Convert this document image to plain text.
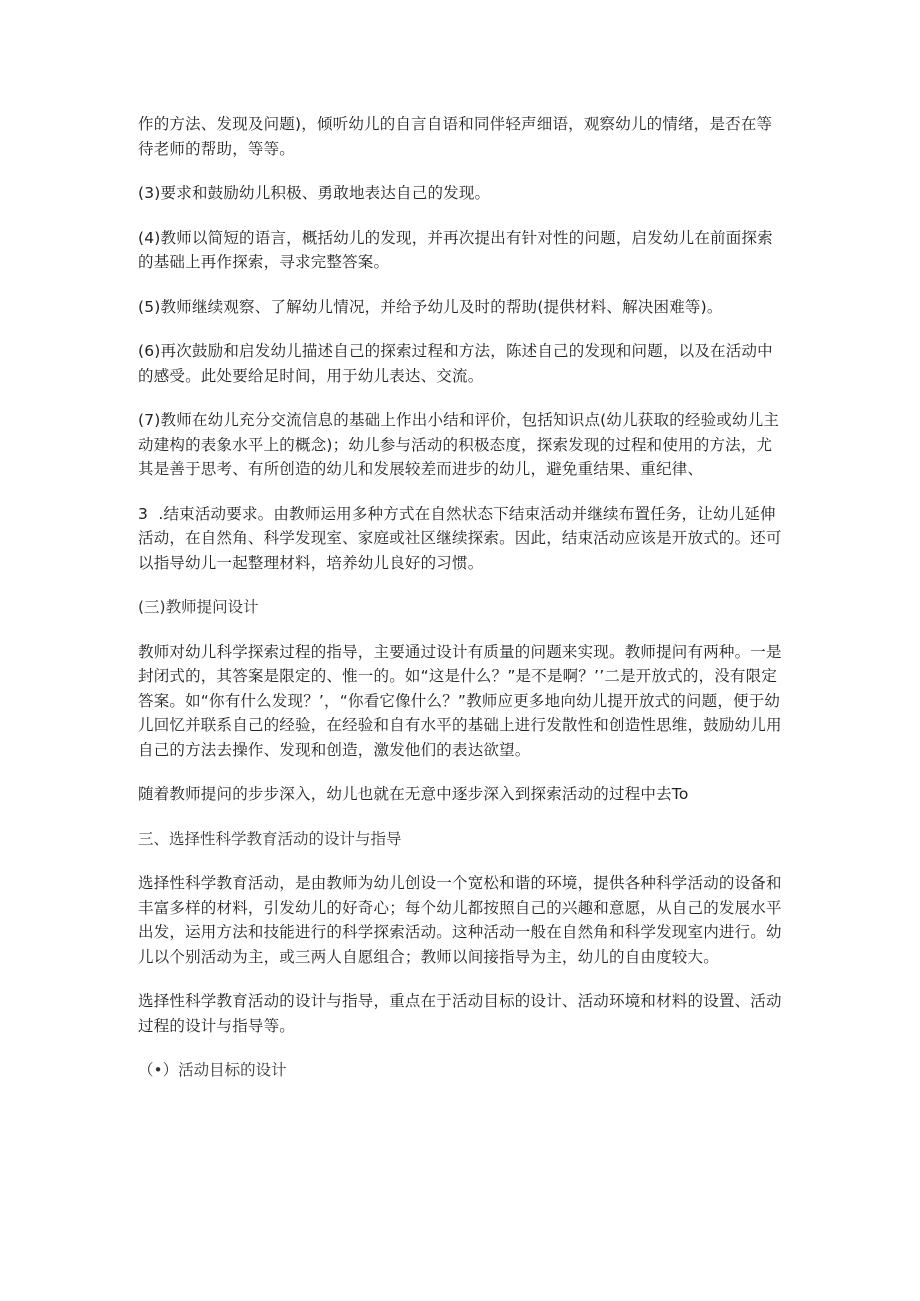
作的方法、发现及问题)，倾听幼儿的自言自语和同伴轻声细语，观察幼儿的情绪，是否在等待老师的帮助，等等。

(3)要求和鼓励幼儿积极、勇敢地表达自己的发现。

(4)教师以简短的语言，概括幼儿的发现，并再次提出有针对性的问题，启发幼儿在前面探索的基础上再作探索，寻求完整答案。

(5)教师继续观察、了解幼儿情况，并给予幼儿及时的帮助(提供材料、解决困难等)。

(6)再次鼓励和启发幼儿描述自己的探索过程和方法，陈述自己的发现和问题，以及在活动中的感受。此处要给足时间，用于幼儿表达、交流。

(7)教师在幼儿充分交流信息的基础上作出小结和评价，包括知识点(幼儿获取的经验或幼儿主动建构的表象水平上的概念)；幼儿参与活动的积极态度，探索发现的过程和使用的方法，尤其是善于思考、有所创造的幼儿和发展较差而进步的幼儿，避免重结果、重纪律、

3  .结束活动要求。由教师运用多种方式在自然状态下结束活动并继续布置任务，让幼儿延伸活动，在自然角、科学发现室、家庭或社区继续探索。因此，结束活动应该是开放式的。还可以指导幼儿一起整理材料，培养幼儿良好的习惯。

(三)教师提问设计

教师对幼儿科学探索过程的指导，主要通过设计有质量的问题来实现。教师提问有两种。一是封闭式的，其答案是限定的、惟一的。如“这是什么？”是不是啊？’’二是开放式的，没有限定答案。如“你有什么发现？’，“你看它像什么？”教师应更多地向幼儿提开放式的问题，便于幼儿回忆并联系自己的经验，在经验和自有水平的基础上进行发散性和创造性思维，鼓励幼儿用自己的方法去操作、发现和创造，激发他们的表达欲望。

随着教师提问的步步深入，幼儿也就在无意中逐步深入到探索活动的过程中去To

三、选择性科学教育活动的设计与指导

选择性科学教育活动，是由教师为幼儿创设一个宽松和谐的环境，提供各种科学活动的设备和丰富多样的材料，引发幼儿的好奇心；每个幼儿都按照自己的兴趣和意愿，从自己的发展水平出发，运用方法和技能进行的科学探索活动。这种活动一般在自然角和科学发现室内进行。幼儿以个别活动为主，或三两人自愿组合；教师以间接指导为主，幼儿的自由度较大。

选择性科学教育活动的设计与指导，重点在于活动目标的设计、活动环境和材料的设置、活动过程的设计与指导等。

（•）活动目标的设计
